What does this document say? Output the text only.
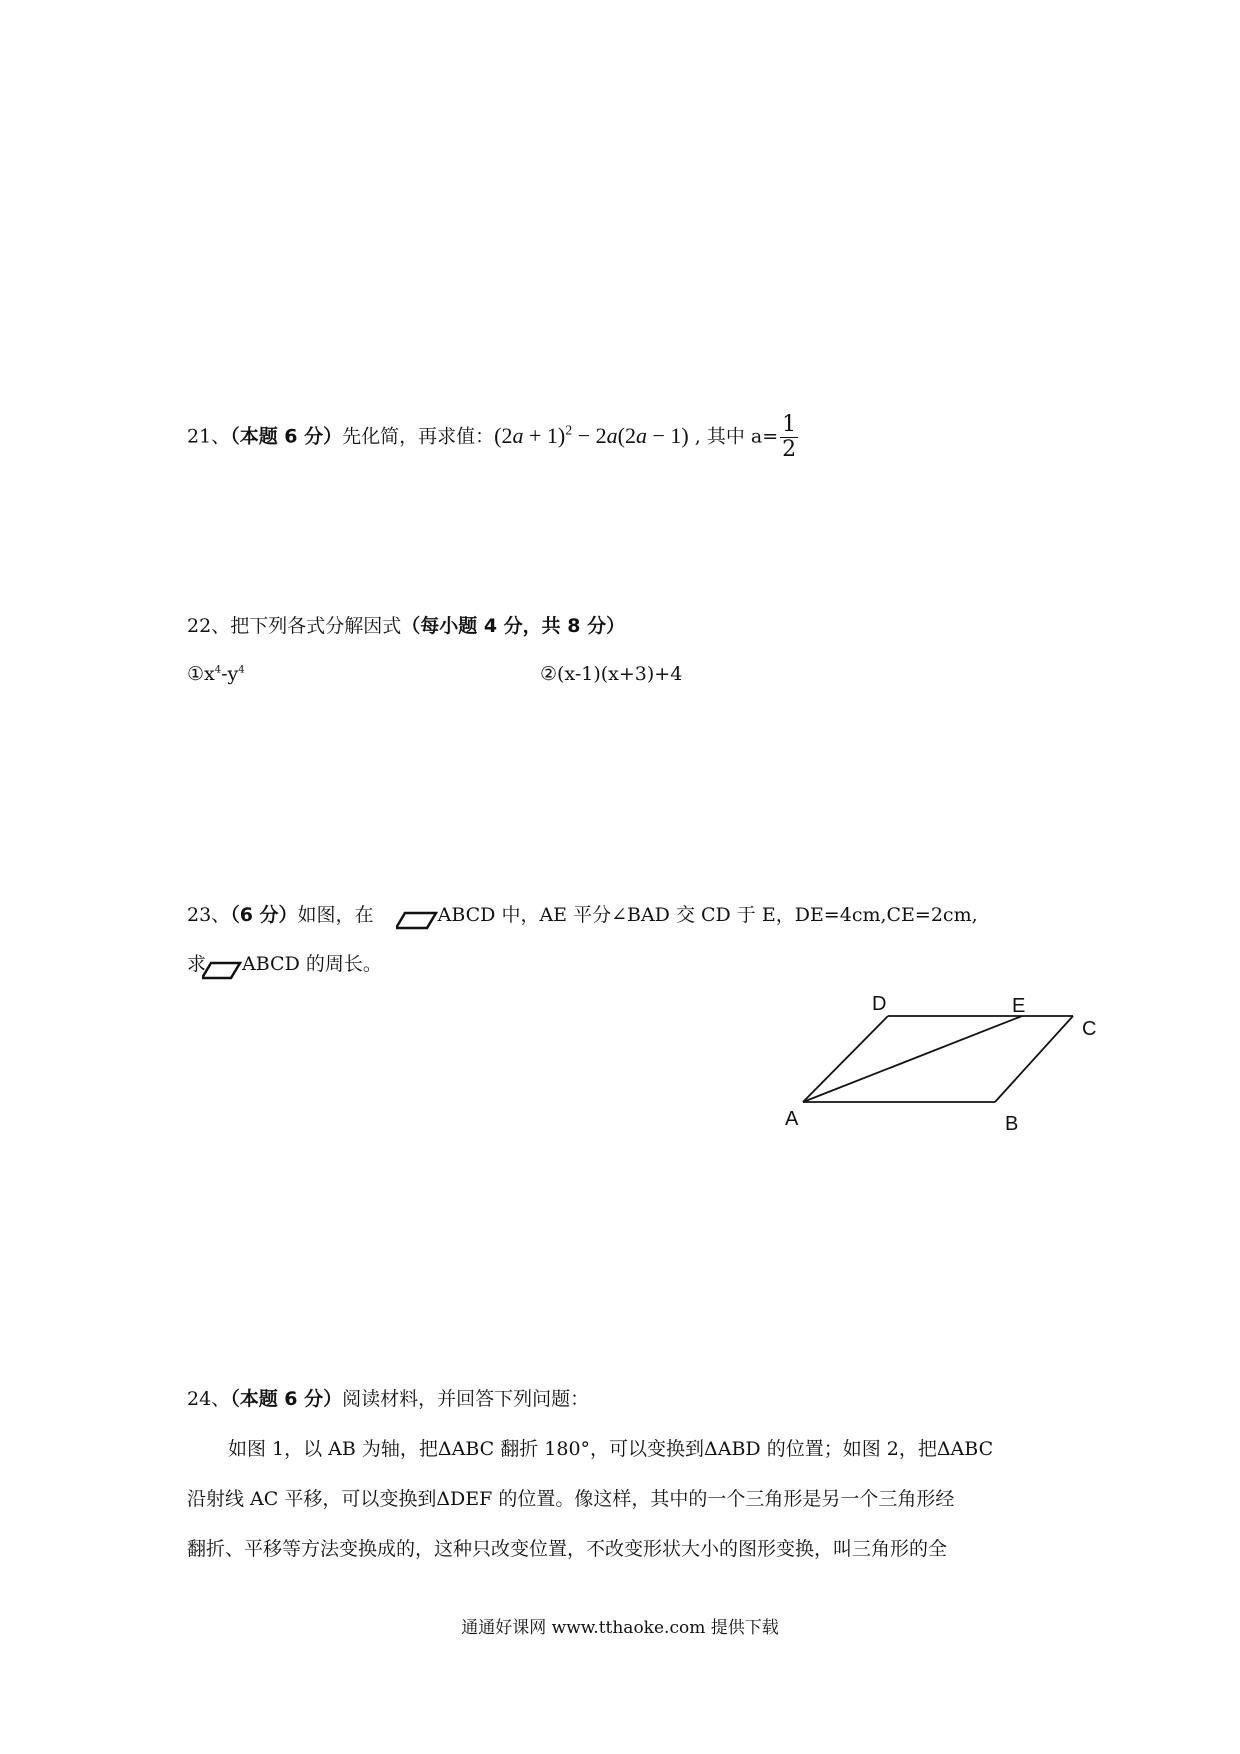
21、（本题 6 分）先化简，再求值：$(2a + 1)^2 - 2a(2a - 1)$ , 其中 $a= \frac{1}{2}$
22、把下列各式分解因式（每小题 4 分，共 8 分）
$①x^4-y^4$	②(x-1)(x+3)+4
23、（6 分）如图，在	ABCD 中，AE 平分∠BAD 交 CD 于 E，DE=4cm,CE=2cm,
求 ABCD 的周长。
D	E
C
A	B
24、（本题 6 分）阅读材料，并回答下列问题：
如图 1，以 AB 为轴，把ΔABC 翻折 180°，可以变换到ΔABD 的位置；如图 2，把ΔABC
沿射线 AC 平移，可以变换到ΔDEF 的位置。像这样，其中的一个三角形是另一个三角形经
翻折、平移等方法变换成的，这种只改变位置，不改变形状大小的图形变换，叫三角形的全
通通好课网 www.tthaoke.com 提供下载
